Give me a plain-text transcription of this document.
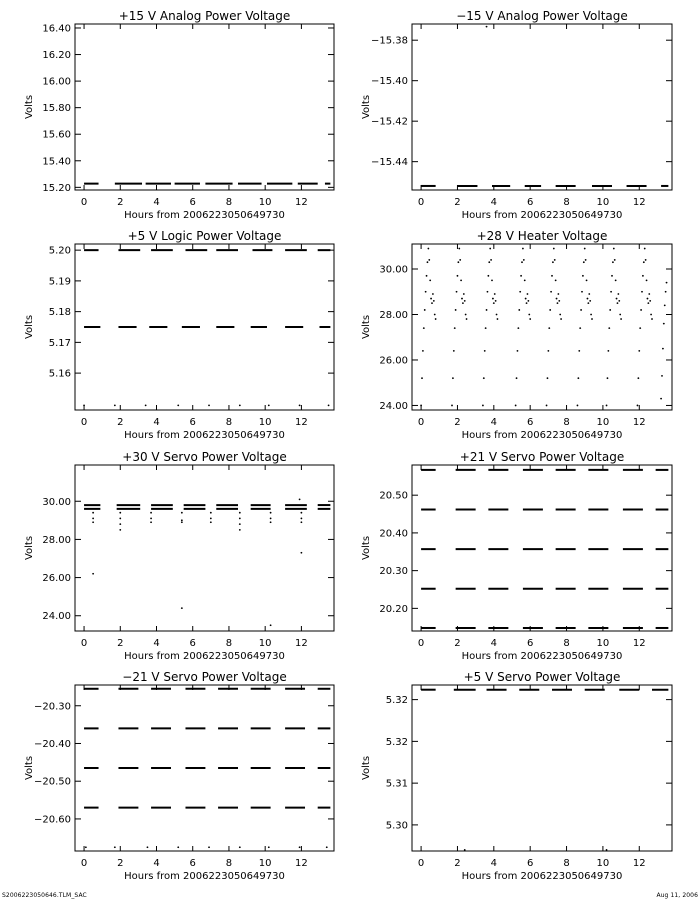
+15 V Analog Power Voltage
Hours from 2006223050649730
Volts
0	2	4	6	8	10 12
15.20
15.40
15.60
15.80
16.00
16.20
16.40
−15 V Analog Power Voltage
Hours from 2006223050649730
Volts
0	2	4	6	8	10 12
−15.38
−15.40
−15.42
−15.44
+5 V Logic Power Voltage
Hours from 2006223050649730
Volts
0	2	4	6	8	10 12
5.16
5.17
5.18
5.19
5.20
+28 V Heater Voltage
Hours from 2006223050649730
Volts
0	2	4	6	8	10 12
24.00
26.00
28.00
30.00
+30 V Servo Power Voltage
Hours from 2006223050649730
Volts
0	2	4	6	8	10 12
24.00
26.00
28.00
30.00
+21 V Servo Power Voltage
Hours from 2006223050649730
Volts
0	2	4	6	8	10 12
20.20
20.30
20.40
20.50
−21 V Servo Power Voltage
Hours from 2006223050649730
Volts
0	2	4	6	8	10 12
−20.30
−20.40
−20.50
−20.60
+5 V Servo Power Voltage
Hours from 2006223050649730
Volts
0	2	4	6	8	10 12
5.30
5.31
5.32
5.32
S2006223050646.TLM_SAC	Aug 11, 2006
